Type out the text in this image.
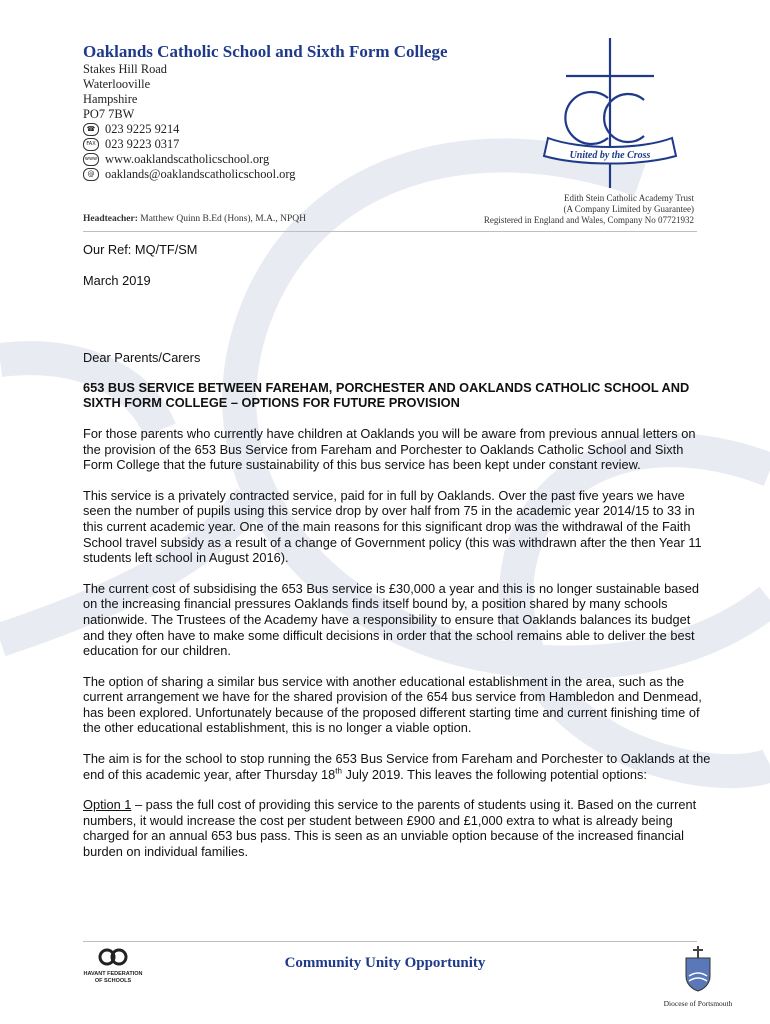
Oaklands Catholic School and Sixth Form College
Stakes Hill Road
Waterlooville
Hampshire
PO7 7BW
☎ 023 9225 9214
FAX 023 9223 0317
www www.oaklandscatholicschool.org
@ oaklands@oaklandscatholicschool.org
United by the Cross
Edith Stein Catholic Academy Trust
(A Company Limited by Guarantee)
Registered in England and Wales, Company No 07721932
Headteacher: Matthew Quinn B.Ed (Hons), M.A., NPQH

Our Ref: MQ/TF/SM

March 2019

Dear Parents/Carers

653 BUS SERVICE BETWEEN FAREHAM, PORCHESTER AND OAKLANDS CATHOLIC SCHOOL AND SIXTH FORM COLLEGE – OPTIONS FOR FUTURE PROVISION

For those parents who currently have children at Oaklands you will be aware from previous annual letters on the provision of the 653 Bus Service from Fareham and Porchester to Oaklands Catholic School and Sixth Form College that the future sustainability of this bus service has been kept under constant review.

This service is a privately contracted service, paid for in full by Oaklands. Over the past five years we have seen the number of pupils using this service drop by over half from 75 in the academic year 2014/15 to 33 in this current academic year. One of the main reasons for this significant drop was the withdrawal of the Faith School travel subsidy as a result of a change of Government policy (this was withdrawn after the then Year 11 students left school in August 2016).

The current cost of subsidising the 653 Bus service is £30,000 a year and this is no longer sustainable based on the increasing financial pressures Oaklands finds itself bound by, a position shared by many schools nationwide. The Trustees of the Academy have a responsibility to ensure that Oaklands balances its budget and they often have to make some difficult decisions in order that the school remains able to deliver the best education for our children.

The option of sharing a similar bus service with another educational establishment in the area, such as the current arrangement we have for the shared provision of the 654 bus service from Hambledon and Denmead, has been explored. Unfortunately because of the proposed different starting time and current finishing time of the other educational establishment, this is no longer a viable option.

The aim is for the school to stop running the 653 Bus Service from Fareham and Porchester to Oaklands at the end of this academic year, after Thursday 18th July 2019. This leaves the following potential options:

Option 1 – pass the full cost of providing this service to the parents of students using it. Based on the current numbers, it would increase the cost per student between £900 and £1,000 extra to what is already being charged for an annual 653 bus pass. This is seen as an unviable option because of the increased financial burden on individual families.

HAVANT FEDERATION
OF SCHOOLS
Community Unity Opportunity
Diocese of Portsmouth
